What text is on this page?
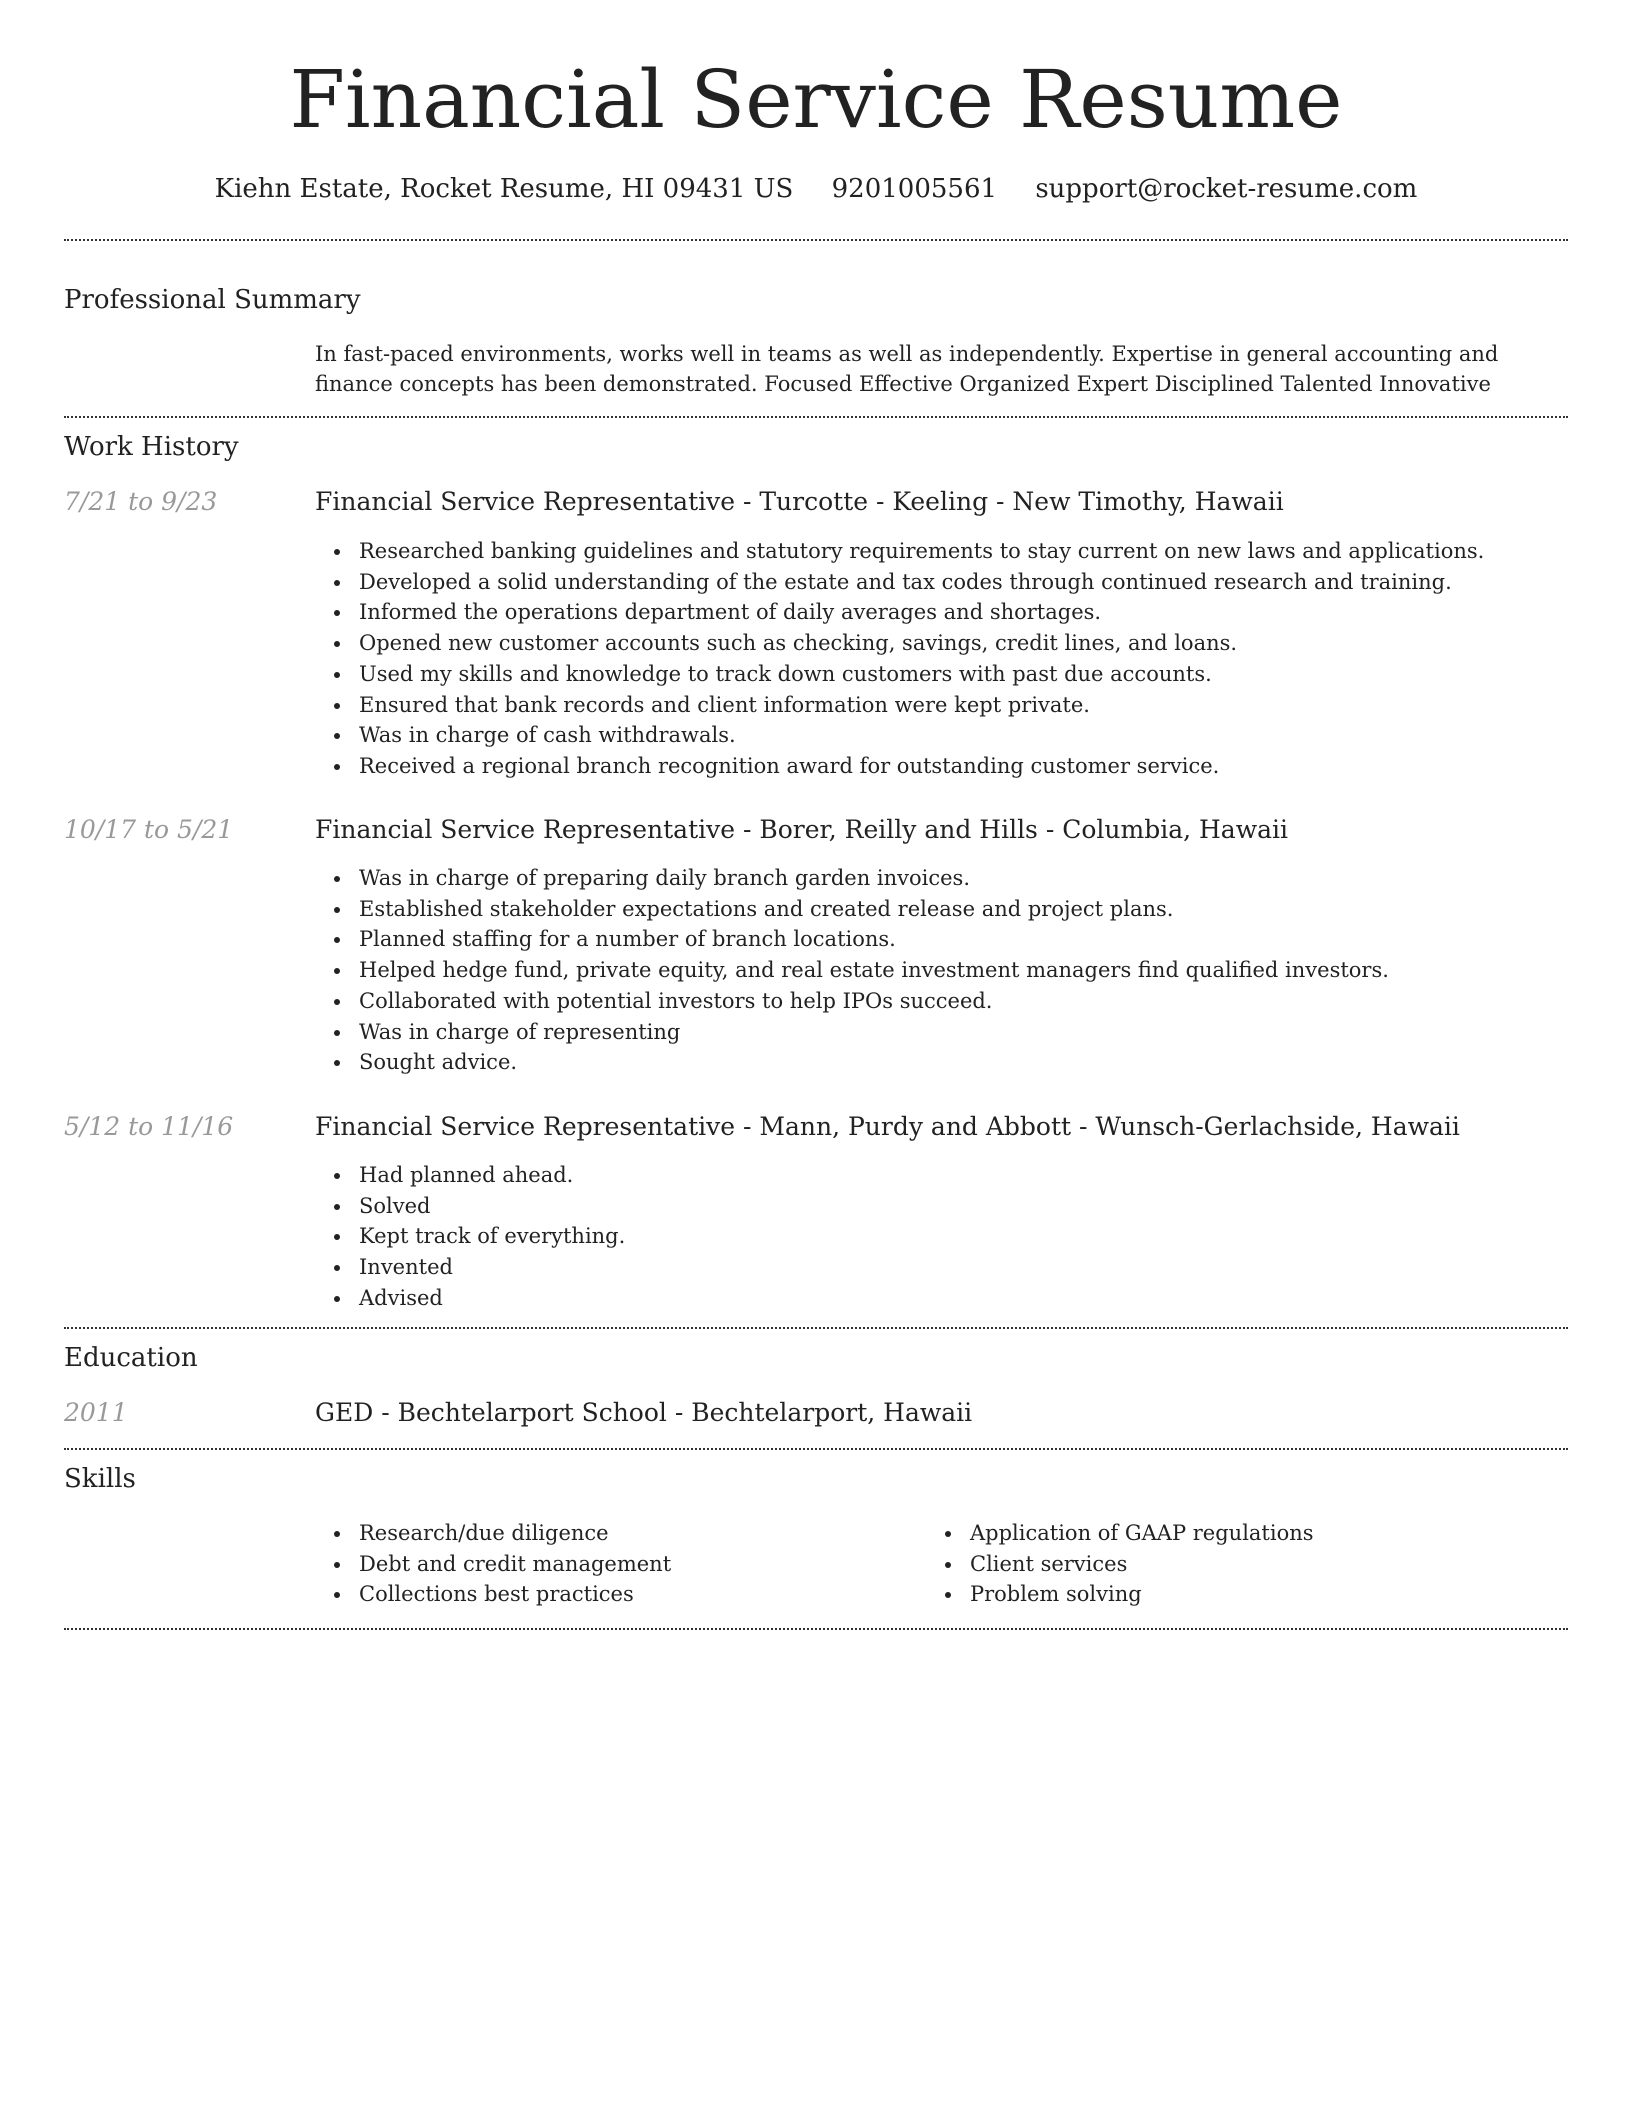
Financial Service Resume
Kiehn Estate, Rocket Resume, HI 09431 US 9201005561 support@rocket-resume.com
Professional Summary
In fast-paced environments, works well in teams as well as independently. Expertise in general accounting and finance concepts has been demonstrated. Focused Effective Organized Expert Disciplined Talented Innovative
Work History
7/21 to 9/23	Financial Service Representative - Turcotte - Keeling - New Timothy, Hawaii
Researched banking guidelines and statutory requirements to stay current on new laws and applications.
Developed a solid understanding of the estate and tax codes through continued research and training.
Informed the operations department of daily averages and shortages.
Opened new customer accounts such as checking, savings, credit lines, and loans.
Used my skills and knowledge to track down customers with past due accounts.
Ensured that bank records and client information were kept private.
Was in charge of cash withdrawals.
Received a regional branch recognition award for outstanding customer service.
10/17 to 5/21	Financial Service Representative - Borer, Reilly and Hills - Columbia, Hawaii
Was in charge of preparing daily branch garden invoices.
Established stakeholder expectations and created release and project plans.
Planned staffing for a number of branch locations.
Helped hedge fund, private equity, and real estate investment managers find qualified investors.
Collaborated with potential investors to help IPOs succeed.
Was in charge of representing
Sought advice.
5/12 to 11/16	Financial Service Representative - Mann, Purdy and Abbott - Wunsch-Gerlachside, Hawaii
Had planned ahead.
Solved
Kept track of everything.
Invented
Advised
Education
2011	GED - Bechtelarport School - Bechtelarport, Hawaii
Skills
Research/due diligence
Debt and credit management
Collections best practices
Application of GAAP regulations
Client services
Problem solving
